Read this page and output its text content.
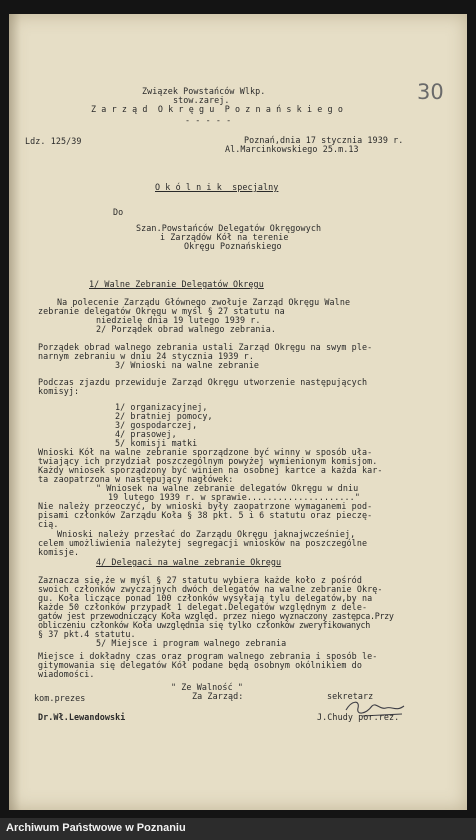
30
Związek Powstańców Wlkp.
stow.zarej.
Z a r z ą d  O k r ę g u  P o z n a ń s k i e g o
- - - - -
Ldz. 125/39	Poznań,dnia 17 stycznia 1939 r.
Al.Marcinkowskiego 25.m.13
O k ó l n i k  specjalny
Do
Szan.Powstańców Delegatów Okręgowych
i Zarządów Kół na terenie
Okręgu Poznańskiego
1/ Walne Zebranie Delegatów Okręgu
Na polecenie Zarządu Głównego zwołuje Zarząd Okręgu Walne
zebranie delegatów Okręgu w myśl § 27 statutu na
niedzielę dnia 19 lutego 1939 r.
2/ Porządek obrad walnego zebrania.
Porządek obrad walnego zebrania ustali Zarząd Okręgu na swym ple-
narnym zebraniu w dniu 24 stycznia 1939 r.
3/ Wnioski na walne zebranie
Podczas zjazdu przewiduje Zarząd Okręgu utworzenie następujących
komisyj:
1/ organizacyjnej,
2/ bratniej pomocy,
3/ gospodarczej,
4/ prasowej,
5/ komisji matki
Wnioski Kół na walne zebranie sporządzone być winny w sposób uła-
twiający ich przydział poszczególnym powyżej wymienionym komisjom.
Każdy wniosek sporządzony być winien na osobnej kartce a każda kar-
ta zaopatrzona w następujący nagłówek:
" Wniosek na walne zebranie delegatów Okręgu w dniu
19 lutego 1939 r. w sprawie....................."
Nie należy przeoczyć, by wnioski były zaopatrzone wymaganemi pod-
pisami członków Zarządu Koła § 38 pkt. 5 i 6 statutu oraz pieczę-
cią.
Wnioski należy przesłać do Zarządu Okręgu jaknajwcześniej,
celem umożliwienia należytej segregacji wniosków na poszczególne
komisje.
4/ Delegaci na walne zebranie Okręgu
Zaznacza się,że w myśl § 27 statutu wybiera każde koło z pośród
swoich członków zwyczajnych dwóch delegatów na walne zebranie Okrę-
gu. Koła liczące ponad 100 członków wysyłają tylu delegatów,by na
każde 50 członków przypadł 1 delegat.Delegatów względnym z dele-
gatów jest przewodniczący Koła względ. przez niego wyznaczony zastępca.Przy
obliczeniu członków Koła uwzględnia się tylko członków zweryfikowanych
§ 37 pkt.4 statutu.
5/ Miejsce i program walnego zebrania
Miejsce i dokładny czas oraz program walnego zebrania i sposób le-
gitymowania się delegatów Kół podane będą osobnym okólnikiem do
wiadomości.
" Ze Walność "
Za Zarząd:
kom.prezes	sekretarz
Dr.Wł.Lewandowski	J.Chudy por.rez.
Archiwum Państwowe w Poznaniu
